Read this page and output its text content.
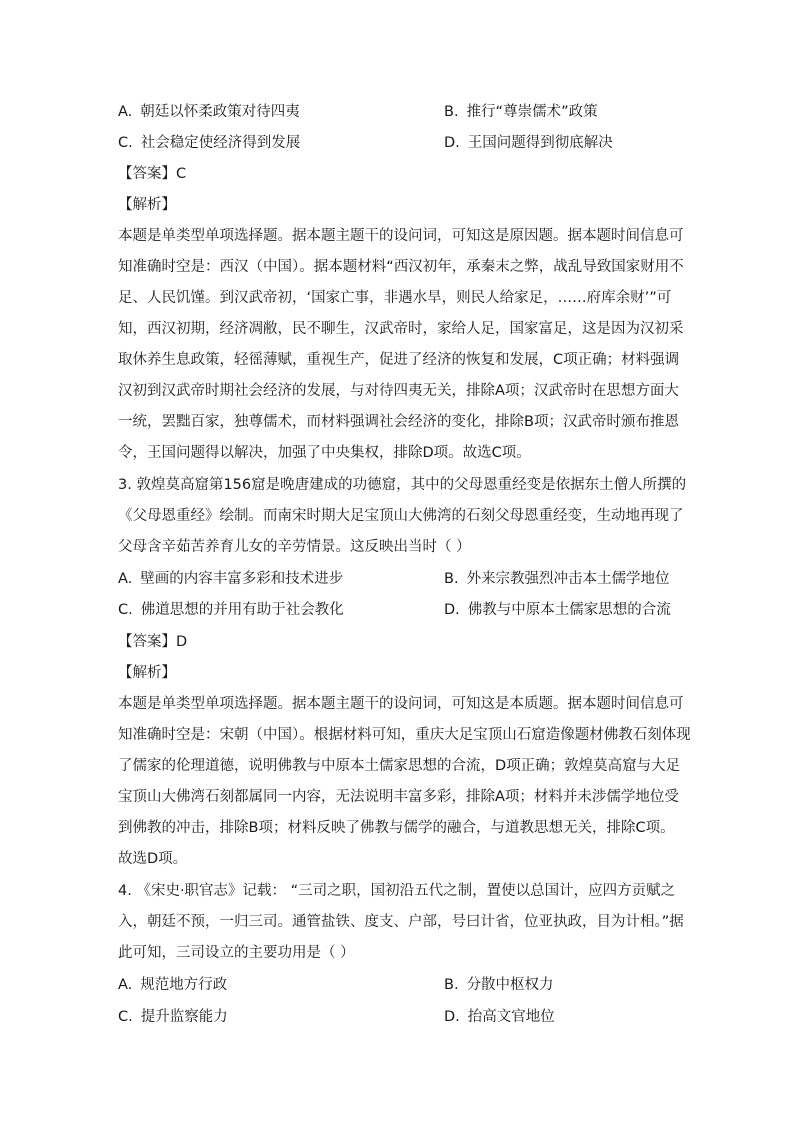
A. 朝廷以怀柔政策对待四夷	B. 推行“尊崇儒术”政策
C. 社会稳定使经济得到发展	D. 王国问题得到彻底解决
【答案】C
【解析】
本题是单类型单项选择题。据本题主题干的设问词，可知这是原因题。据本题时间信息可
知准确时空是：西汉（中国）。据本题材料“西汉初年，承秦末之弊，战乱导致国家财用不
足、人民饥馑。到汉武帝初，‘国家亡事，非遇水旱，则民人给家足，……府库余财’”可
知，西汉初期，经济凋敝，民不聊生，汉武帝时，家给人足，国家富足，这是因为汉初采
取休养生息政策，轻徭薄赋，重视生产，促进了经济的恢复和发展，C项正确；材料强调
汉初到汉武帝时期社会经济的发展，与对待四夷无关，排除A项；汉武帝时在思想方面大
一统，罢黜百家，独尊儒术，而材料强调社会经济的变化，排除B项；汉武帝时颁布推恩
令，王国问题得以解决，加强了中央集权，排除D项。故选C项。
3. 敦煌莫高窟第156窟是晚唐建成的功德窟，其中的父母恩重经变是依据东土僧人所撰的
《父母恩重经》绘制。而南宋时期大足宝顶山大佛湾的石刻父母恩重经变，生动地再现了
父母含辛茹苦养育儿女的辛劳情景。这反映出当时（ ）
A. 壁画的内容丰富多彩和技术进步	B. 外来宗教强烈冲击本土儒学地位
C. 佛道思想的并用有助于社会教化	D. 佛教与中原本土儒家思想的合流
【答案】D
【解析】
本题是单类型单项选择题。据本题主题干的设问词，可知这是本质题。据本题时间信息可
知准确时空是：宋朝（中国）。根据材料可知，重庆大足宝顶山石窟造像题材佛教石刻体现
了儒家的伦理道德，说明佛教与中原本土儒家思想的合流，D项正确；敦煌莫高窟与大足
宝顶山大佛湾石刻都属同一内容，无法说明丰富多彩，排除A项；材料并未涉儒学地位受
到佛教的冲击，排除B项；材料反映了佛教与儒学的融合，与道教思想无关，排除C项。
故选D项。
4. 《宋史·职官志》记载： “三司之职，国初沿五代之制，置使以总国计，应四方贡赋之
入，朝廷不预，一归三司。通管盐铁、度支、户部，号曰计省，位亚执政，目为计相。”据
此可知，三司设立的主要功用是（ ）
A. 规范地方行政	B. 分散中枢权力
C. 提升监察能力	D. 抬高文官地位
